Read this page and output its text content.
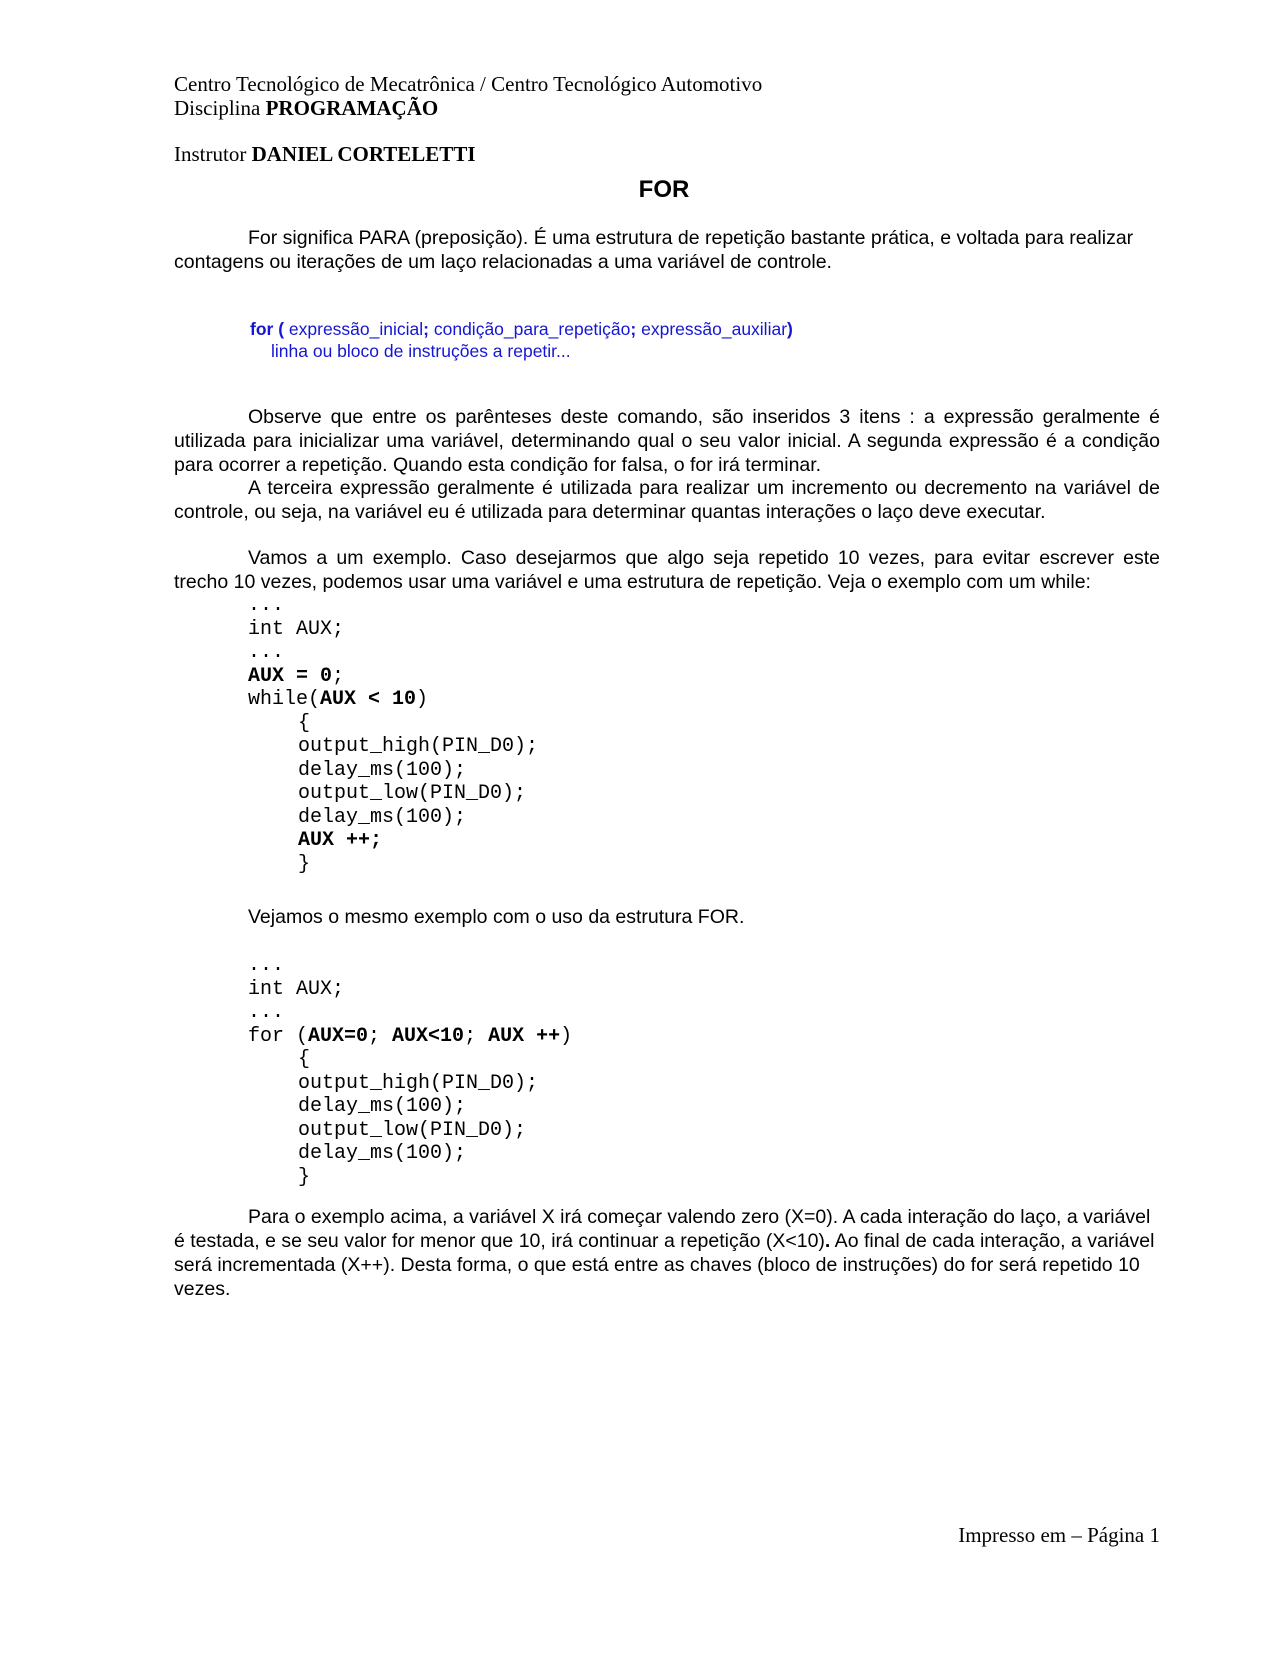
Centro Tecnológico de Mecatrônica / Centro Tecnológico Automotivo
Disciplina PROGRAMAÇÃO
Instrutor DANIEL CORTELETTI
FOR
For significa PARA (preposição). É uma estrutura de repetição bastante prática, e voltada para realizar contagens ou iterações de um laço relacionadas a uma variável de controle.
for ( expressão_inicial; condição_para_repetição; expressão_auxiliar)
linha ou bloco de instruções a repetir...
Observe que entre os parênteses deste comando, são inseridos 3 itens : a expressão geralmente é utilizada para inicializar uma variável, determinando qual o seu valor inicial. A segunda expressão é a condição para ocorrer a repetição. Quando esta condição for falsa, o for irá terminar.
A terceira expressão geralmente é utilizada para realizar um incremento ou decremento na variável de controle, ou seja, na variável eu é utilizada para determinar quantas interações o laço deve executar.
Vamos a um exemplo. Caso desejarmos que algo seja repetido 10 vezes, para evitar escrever este trecho 10 vezes, podemos usar uma variável e uma estrutura de repetição. Veja o exemplo com um while:
...
int AUX;
...
AUX = 0;
while(AUX < 10)
{
output_high(PIN_D0);
delay_ms(100);
output_low(PIN_D0);
delay_ms(100);
AUX ++;
}
Vejamos o mesmo exemplo com o uso da estrutura FOR.
...
int AUX;
...
for (AUX=0; AUX<10; AUX ++)
{
output_high(PIN_D0);
delay_ms(100);
output_low(PIN_D0);
delay_ms(100);
}
Para o exemplo acima, a variável X irá começar valendo zero (X=0). A cada interação do laço, a variável é testada, e se seu valor for menor que 10, irá continuar a repetição (X<10). Ao final de cada interação, a variável será incrementada (X++). Desta forma, o que está entre as chaves (bloco de instruções) do for será repetido 10 vezes.
Impresso em – Página 1
